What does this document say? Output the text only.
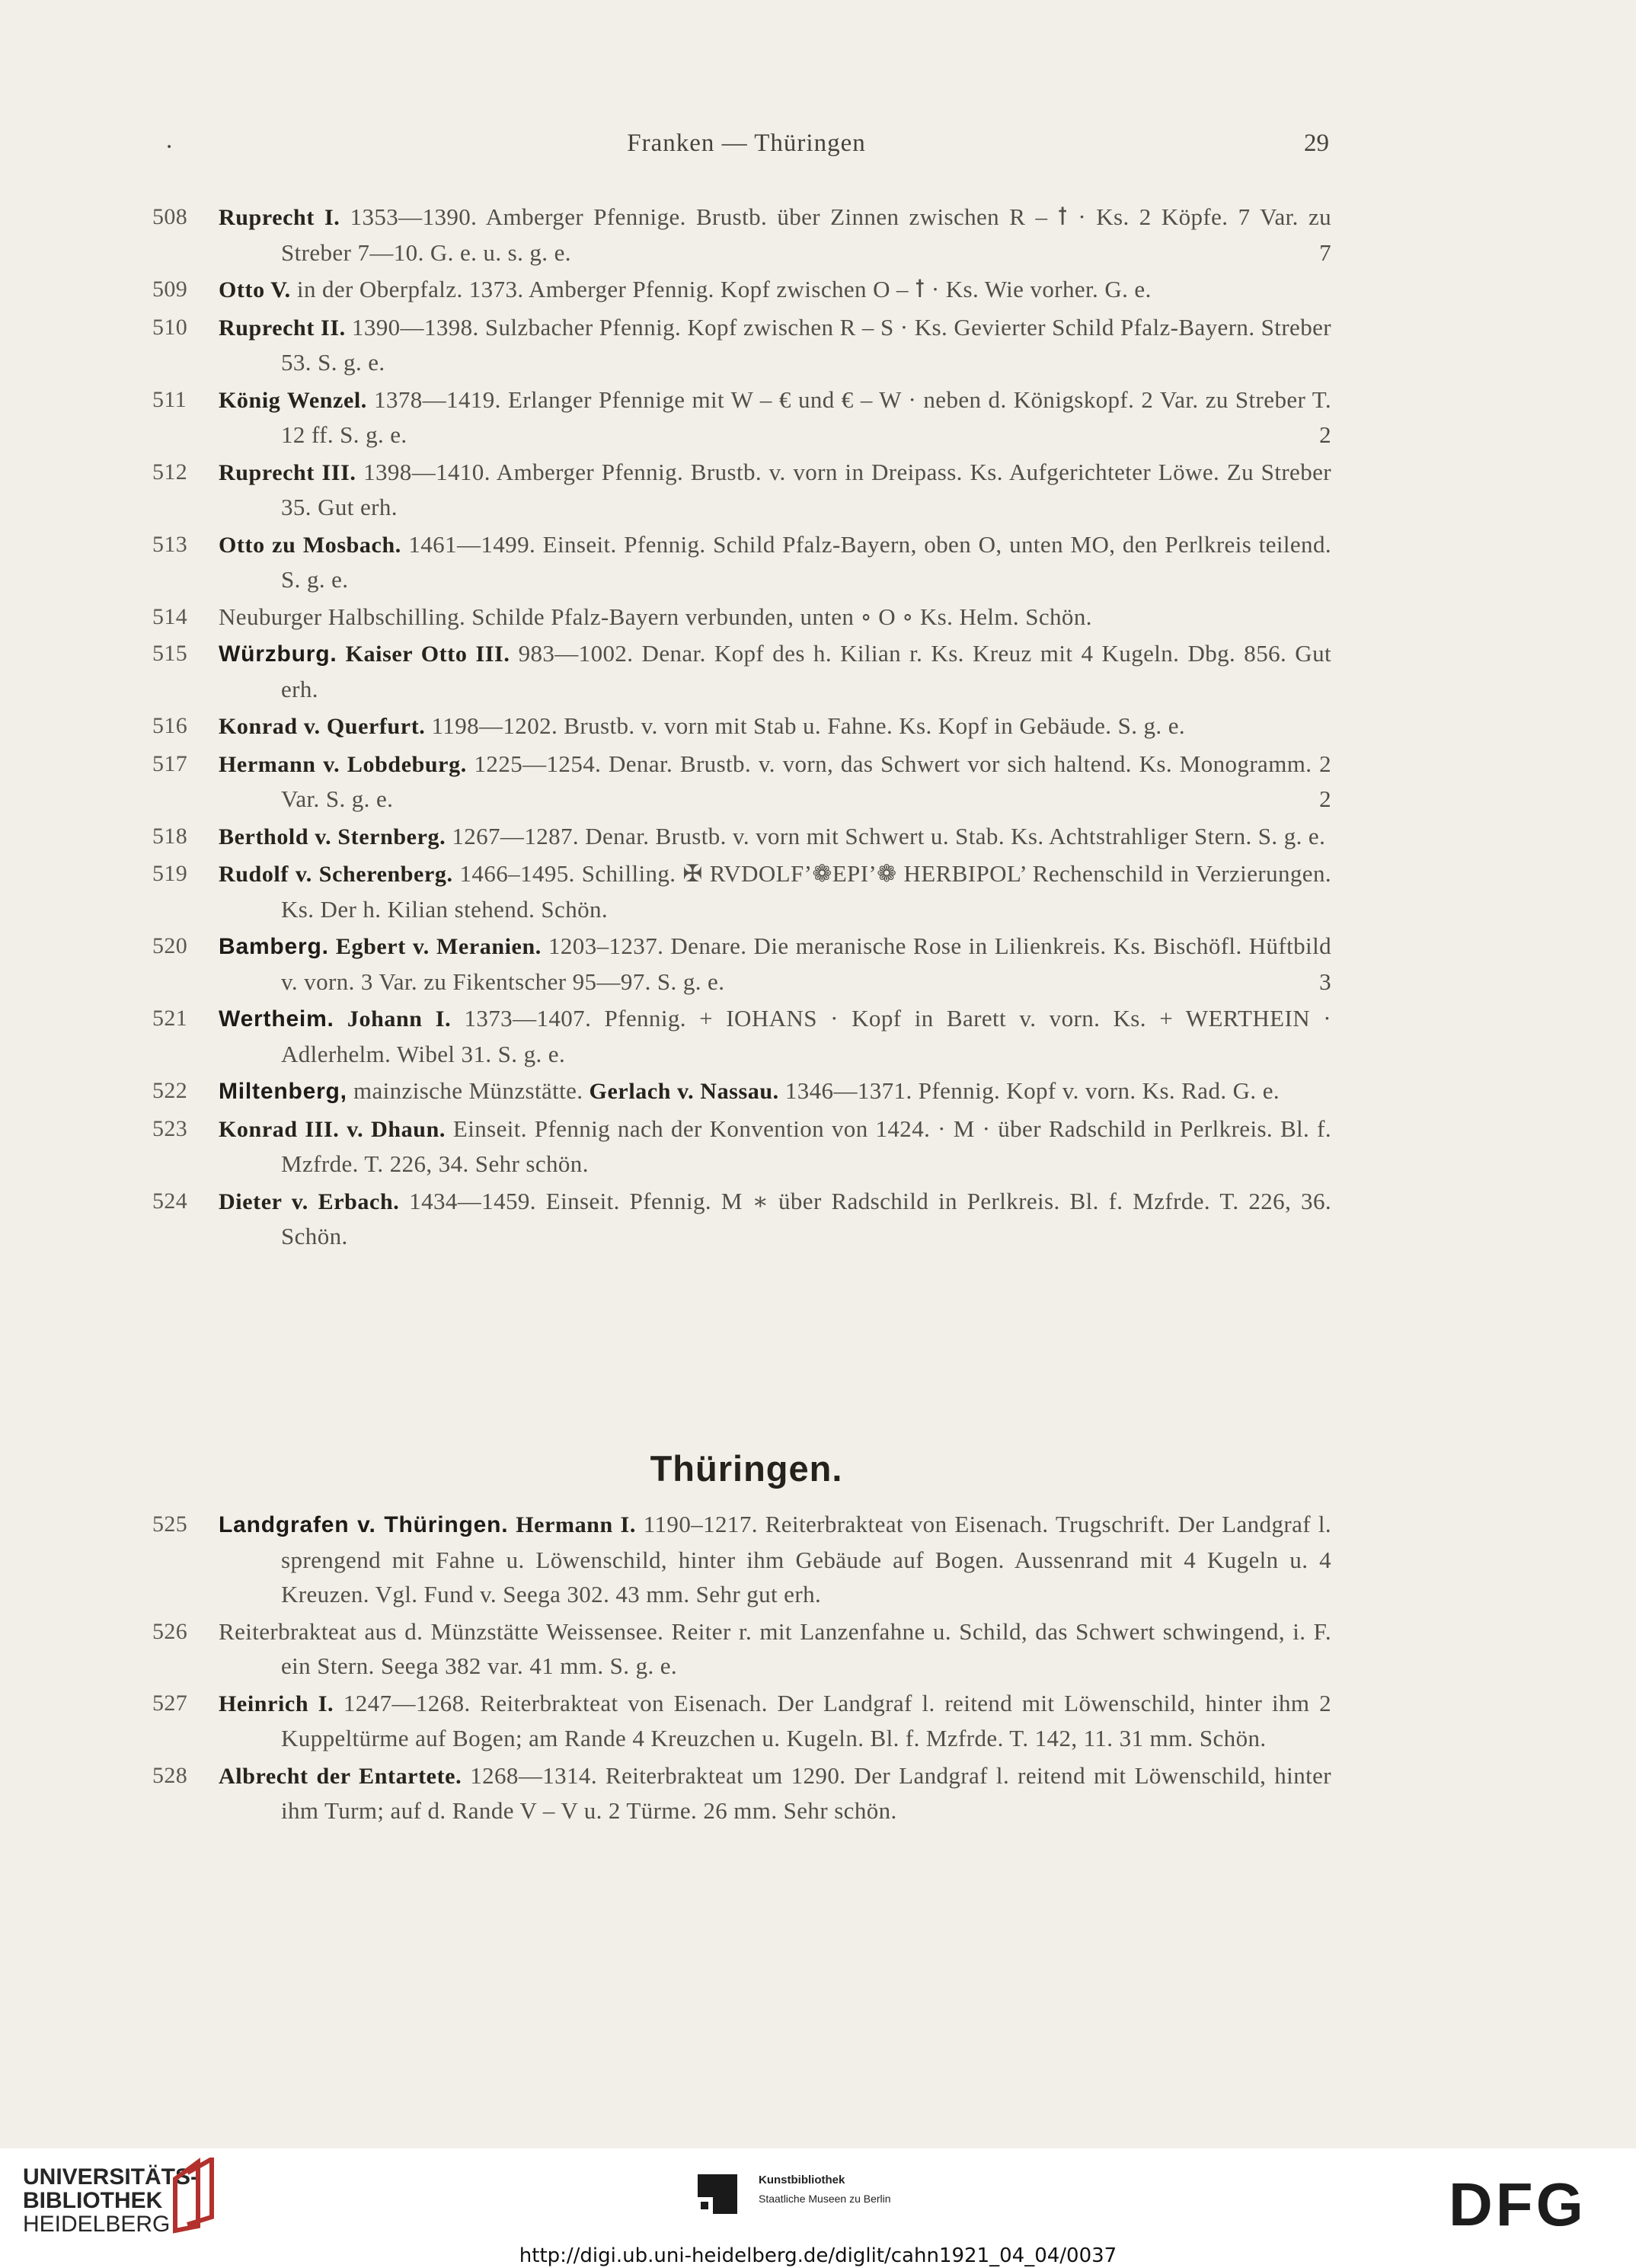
.	Franken — Thüringen	29
508	Ruprecht I. 1353—1390. Amberger Pfennige. Brustb. über Zinnen zwischen R – ꝉ · Ks. 2 Köpfe. 7 Var. zu Streber 7—10. G. e. u. s. g. e.	7
509	Otto V. in der Oberpfalz. 1373. Amberger Pfennig. Kopf zwischen O – ꝉ · Ks. Wie vorher. G. e.
510	Ruprecht II. 1390—1398. Sulzbacher Pfennig. Kopf zwischen R – S · Ks. Gevierter Schild Pfalz-Bayern. Streber 53. S. g. e.
511	König Wenzel. 1378—1419. Erlanger Pfennige mit W – € und € – W · neben d. Königskopf. 2 Var. zu Streber T. 12 ff. S. g. e.	2
512	Ruprecht III. 1398—1410. Amberger Pfennig. Brustb. v. vorn in Dreipass. Ks. Aufgerichteter Löwe. Zu Streber 35. Gut erh.
513	Otto zu Mosbach. 1461—1499. Einseit. Pfennig. Schild Pfalz-Bayern, oben O, unten MO, den Perlkreis teilend. S. g. e.
514	Neuburger Halbschilling. Schilde Pfalz-Bayern verbunden, unten ∘ O ∘ Ks. Helm. Schön.
515	Würzburg. Kaiser Otto III. 983—1002. Denar. Kopf des h. Kilian r. Ks. Kreuz mit 4 Kugeln. Dbg. 856. Gut erh.
516	Konrad v. Querfurt. 1198—1202. Brustb. v. vorn mit Stab u. Fahne. Ks. Kopf in Gebäude. S. g. e.
517	Hermann v. Lobdeburg. 1225—1254. Denar. Brustb. v. vorn, das Schwert vor sich haltend. Ks. Monogramm. 2 Var. S. g. e.	2
518	Berthold v. Sternberg. 1267—1287. Denar. Brustb. v. vorn mit Schwert u. Stab. Ks. Achtstrahliger Stern. S. g. e.
519	Rudolf v. Scherenberg. 1466–1495. Schilling. ✠ RVDOLF’❁EPI’❁ HERBIPOL’ Rechenschild in Verzierungen. Ks. Der h. Kilian stehend. Schön.
520	Bamberg. Egbert v. Meranien. 1203–1237. Denare. Die meranische Rose in Lilienkreis. Ks. Bischöfl. Hüftbild v. vorn. 3 Var. zu Fikentscher 95—97. S. g. e.	3
521	Wertheim. Johann I. 1373—1407. Pfennig. + IOHANS · Kopf in Barett v. vorn. Ks. + WERTHEIN · Adlerhelm. Wibel 31. S. g. e.
522	Miltenberg, mainzische Münzstätte. Gerlach v. Nassau. 1346—1371. Pfennig. Kopf v. vorn. Ks. Rad. G. e.
523	Konrad III. v. Dhaun. Einseit. Pfennig nach der Konvention von 1424. · M · über Radschild in Perlkreis. Bl. f. Mzfrde. T. 226, 34. Sehr schön.
524	Dieter v. Erbach. 1434—1459. Einseit. Pfennig. M ∗ über Radschild in Perlkreis. Bl. f. Mzfrde. T. 226, 36. Schön.
Thüringen.
525	Landgrafen v. Thüringen. Hermann I. 1190–1217. Reiterbrakteat von Eisenach. Trugschrift. Der Landgraf l. sprengend mit Fahne u. Löwenschild, hinter ihm Gebäude auf Bogen. Aussenrand mit 4 Kugeln u. 4 Kreuzen. Vgl. Fund v. Seega 302. 43 mm. Sehr gut erh.
526	Reiterbrakteat aus d. Münzstätte Weissensee. Reiter r. mit Lanzenfahne u. Schild, das Schwert schwingend, i. F. ein Stern. Seega 382 var. 41 mm. S. g. e.
527	Heinrich I. 1247—1268. Reiterbrakteat von Eisenach. Der Landgraf l. reitend mit Löwenschild, hinter ihm 2 Kuppeltürme auf Bogen; am Rande 4 Kreuzchen u. Kugeln. Bl. f. Mzfrde. T. 142, 11. 31 mm. Schön.
528	Albrecht der Entartete. 1268—1314. Reiterbrakteat um 1290. Der Landgraf l. reitend mit Löwenschild, hinter ihm Turm; auf d. Rande V – V u. 2 Türme. 26 mm. Sehr schön.
UNIVERSITÄTS-
BIBLIOTHEK
HEIDELBERG
Kunstbibliothek
Staatliche Museen zu Berlin	DFG
http://digi.ub.uni-heidelberg.de/diglit/cahn1921_04_04/0037
